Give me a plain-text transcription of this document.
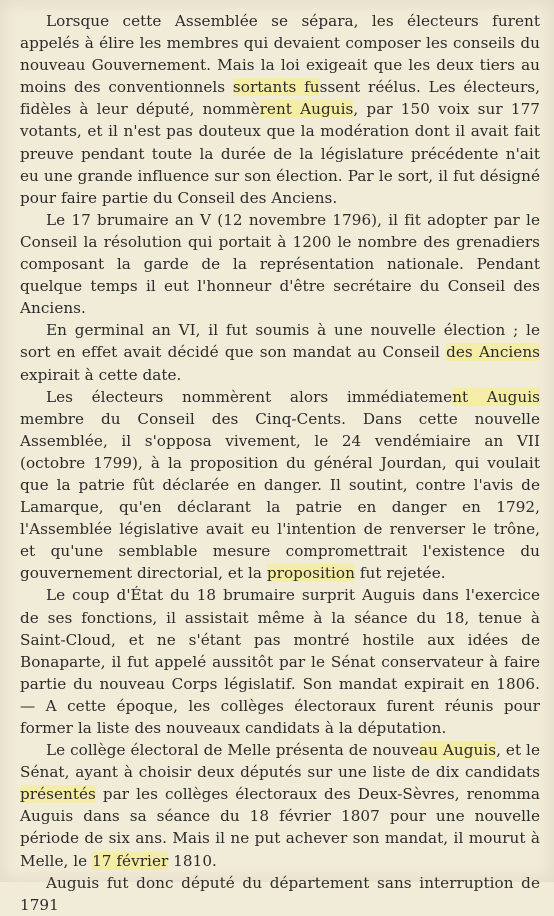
Lorsque cette Assemblée se sépara, les électeurs furent appelés à élire les membres qui devaient composer les conseils du nouveau Gouvernement. Mais la loi exigeait que les deux tiers au moins des conventionnels sortants fussent réélus. Les électeurs, fidèles à leur député, nommèrent Auguis, par 150 voix sur 177 votants, et il n'est pas douteux que la modération dont il avait fait preuve pendant toute la durée de la législature précédente n'ait eu une grande influence sur son élection. Par le sort, il fut désigné pour faire partie du Conseil des Anciens.

Le 17 brumaire an V (12 novembre 1796), il fit adopter par le Conseil la résolution qui portait à 1200 le nombre des grenadiers composant la garde de la représentation nationale. Pendant quelque temps il eut l'honneur d'être secrétaire du Conseil des Anciens.

En germinal an VI, il fut soumis à une nouvelle élection ; le sort en effet avait décidé que son mandat au Conseil des Anciens expirait à cette date.

Les électeurs nommèrent alors immédiatement Auguis membre du Conseil des Cinq-Cents. Dans cette nouvelle Assemblée, il s'opposa vivement, le 24 vendémiaire an VII (octobre 1799), à la proposition du général Jourdan, qui voulait que la patrie fût déclarée en danger. Il soutint, contre l'avis de Lamarque, qu'en déclarant la patrie en danger en 1792, l'Assemblée législative avait eu l'intention de renverser le trône, et qu'une semblable mesure compromettrait l'existence du gouvernement directorial, et la proposition fut rejetée.

Le coup d'État du 18 brumaire surprit Auguis dans l'exercice de ses fonctions, il assistait même à la séance du 18, tenue à Saint-Cloud, et ne s'étant pas montré hostile aux idées de Bonaparte, il fut appelé aussitôt par le Sénat conservateur à faire partie du nouveau Corps législatif. Son mandat expirait en 1806. — A cette époque, les collèges électoraux furent réunis pour former la liste des nouveaux candidats à la députation.

Le collège électoral de Melle présenta de nouveau Auguis, et le Sénat, ayant à choisir deux députés sur une liste de dix candidats présentés par les collèges électoraux des Deux-Sèvres, renomma Auguis dans sa séance du 18 février 1807 pour une nouvelle période de six ans. Mais il ne put achever son mandat, il mourut à Melle, le 17 février 1810.

Auguis fut donc député du département sans interruption de 1791
